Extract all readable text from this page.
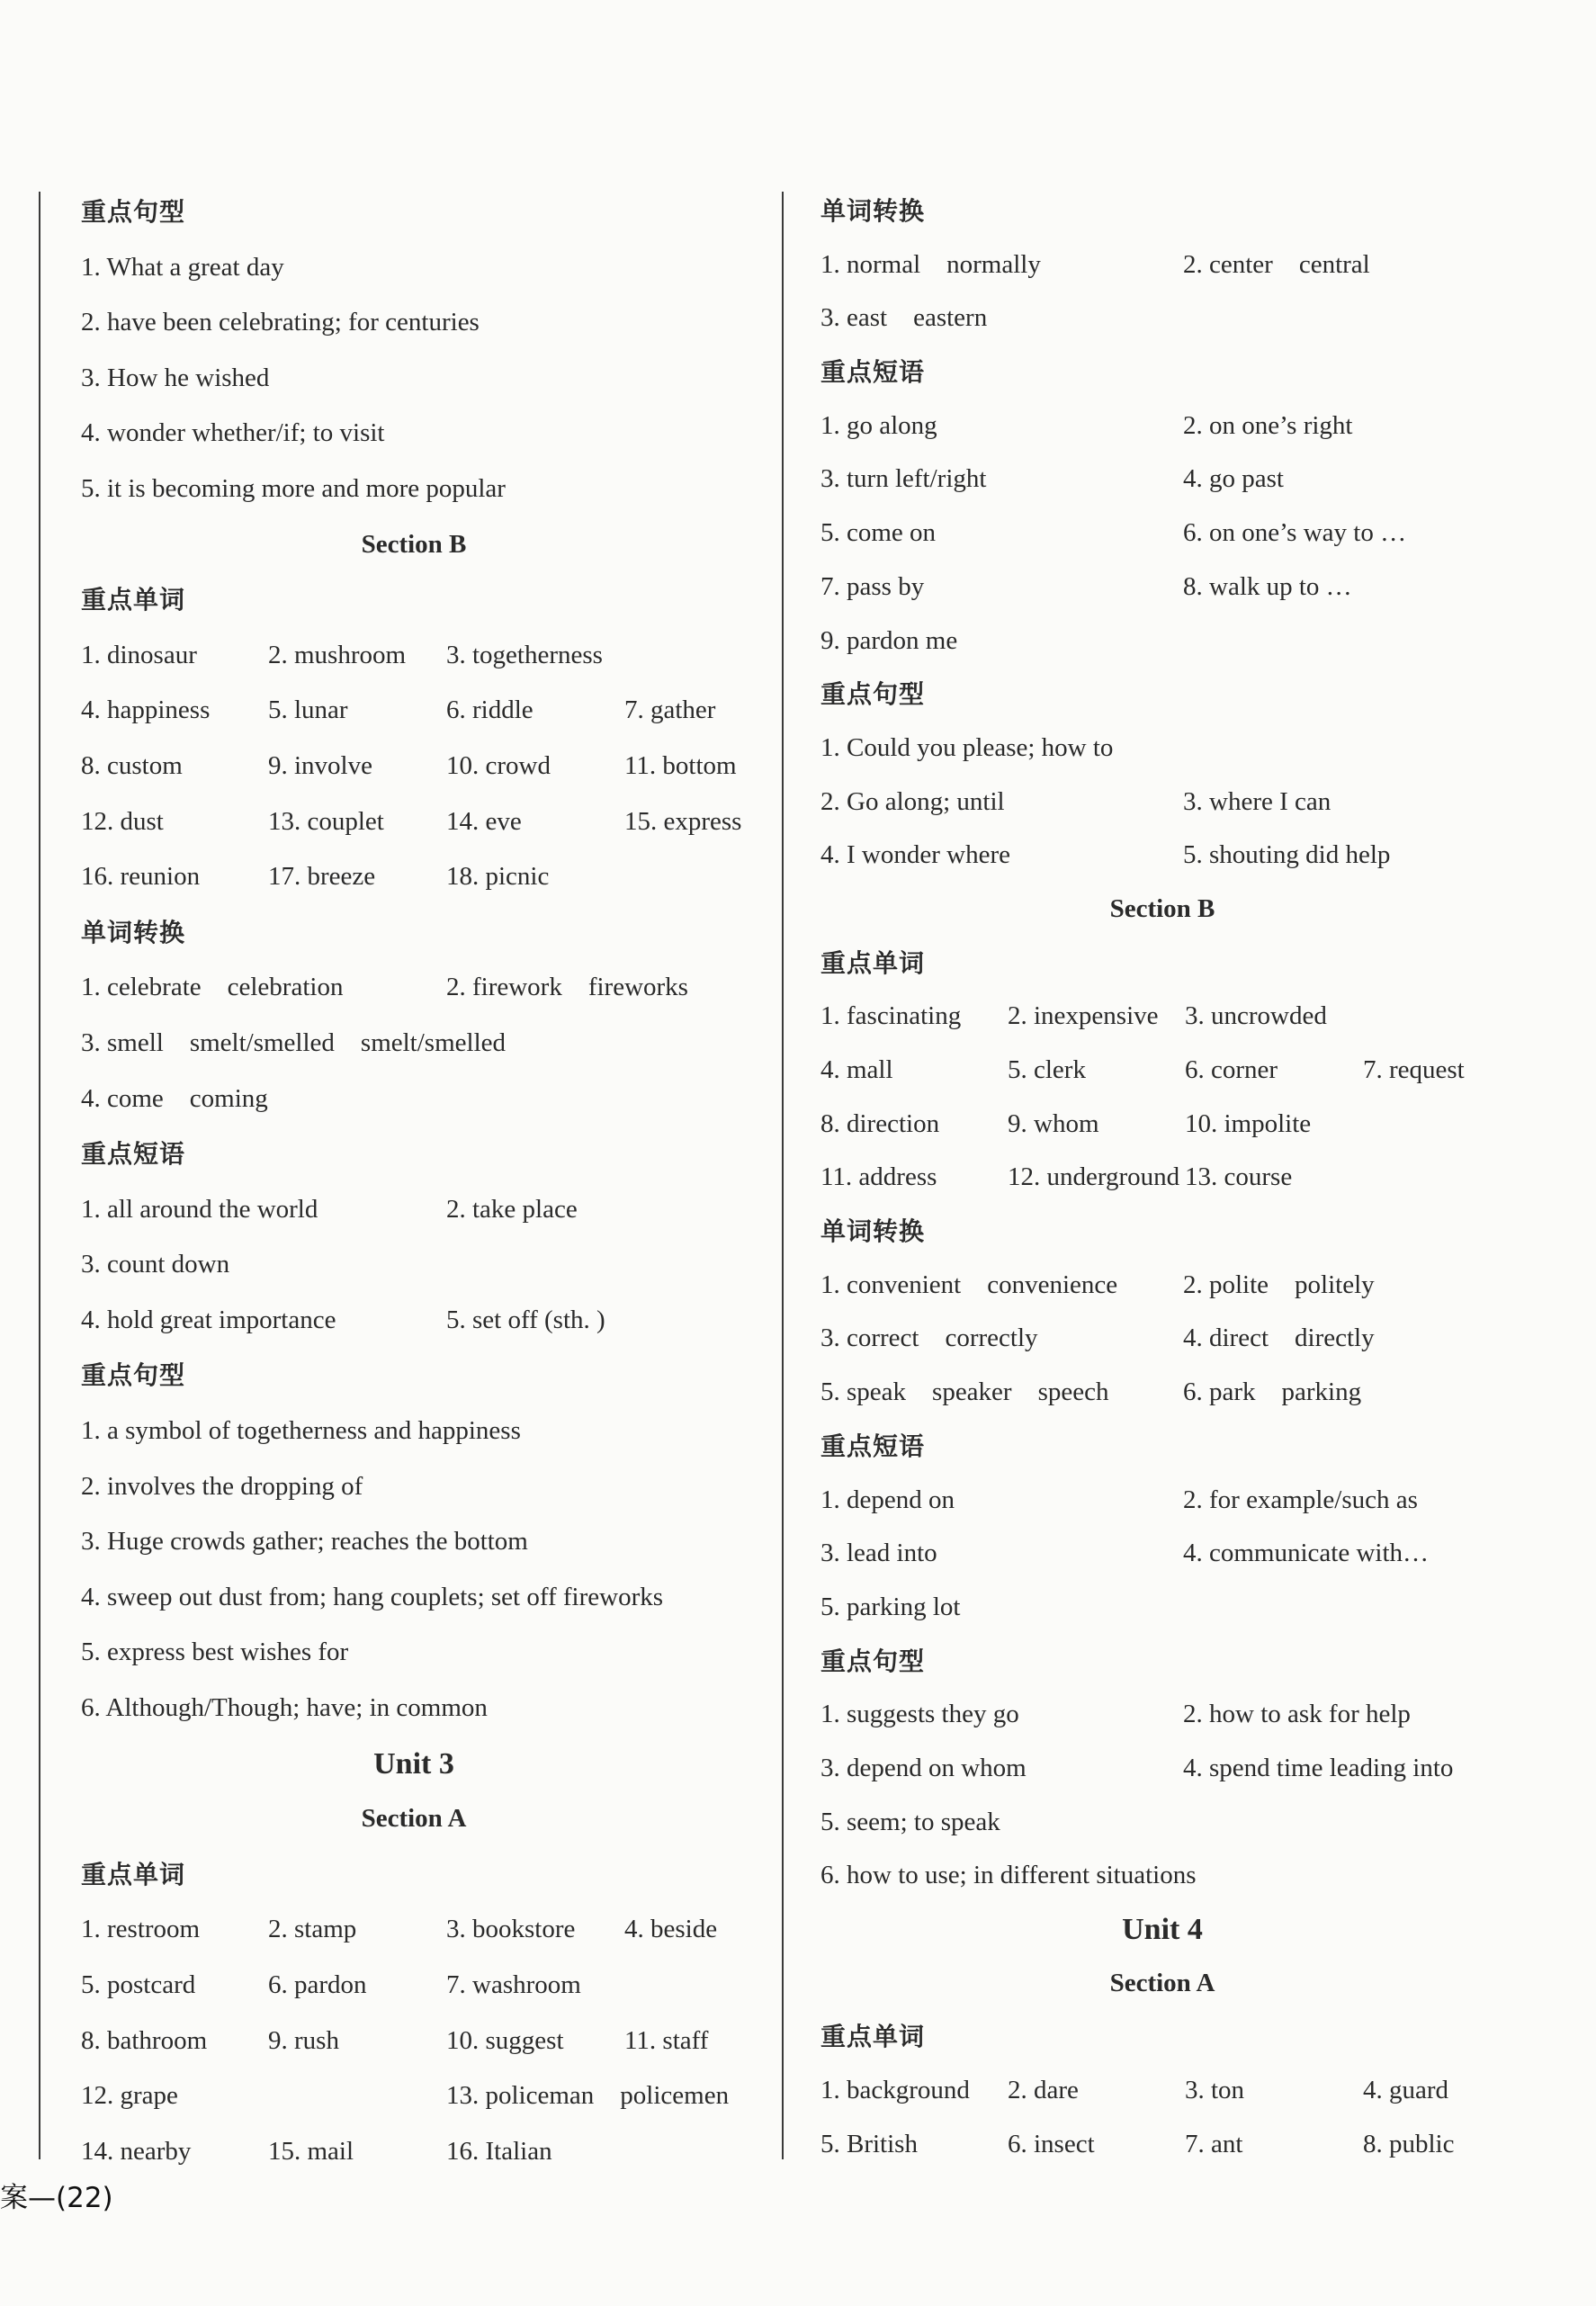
重点句型
1. What a great day
2. have been celebrating; for centuries
3. How he wished
4. wonder whether/if; to visit
5. it is becoming more and more popular
Section B
重点单词
1. dinosaur	2. mushroom 3. togetherness
4. happiness 5. lunar	6. riddle	7. gather
8. custom	9. involve	10. crowd	11. bottom
12. dust	13. couplet 14. eve	15. express
16. reunion	17. breeze	18. picnic
单词转换
1. celebrate    celebration	2. firework    fireworks
3. smell    smelt/smelled    smelt/smelled
4. come    coming
重点短语
1. all around the world	2. take place
3. count down
4. hold great importance	5. set off (sth. )
重点句型
1. a symbol of togetherness and happiness
2. involves the dropping of
3. Huge crowds gather; reaches the bottom
4. sweep out dust from; hang couplets; set off fireworks
5. express best wishes for
6. Although/Though; have; in common
Unit 3
Section A
重点单词
1. restroom	2. stamp	3. bookstore 4. beside
5. postcard	6. pardon	7. washroom
8. bathroom 9. rush	10. suggest 11. staff
12. grape	13. policeman    policemen
14. nearby	15. mail	16. Italian
单词转换
1. normal    normally	2. center    central
3. east    eastern
重点短语
1. go along	2. on one’s right
3. turn left/right	4. go past
5. come on	6. on one’s way to …
7. pass by	8. walk up to …
9. pardon me
重点句型
1. Could you please; how to
2. Go along; until	3. where I can
4. I wonder where	5. shouting did help
Section B
重点单词
1. fascinating 2. inexpensive 3. uncrowded
4. mall	5. clerk	6. corner	7. request
8. direction	9. whom	10. impolite
11. address	12. underground 13. course
单词转换
1. convenient    convenience	2. polite    politely
3. correct    correctly	4. direct    directly
5. speak    speaker    speech	6. park    parking
重点短语
1. depend on	2. for example/such as
3. lead into	4. communicate with…
5. parking lot
重点句型
1. suggests they go	2. how to ask for help
3. depend on whom	4. spend time leading into
5. seem; to speak
6. how to use; in different situations
Unit 4
Section A
重点单词
1. background 2. dare	3. ton	4. guard
5. British	6. insect	7. ant	8. public
案—(22)
